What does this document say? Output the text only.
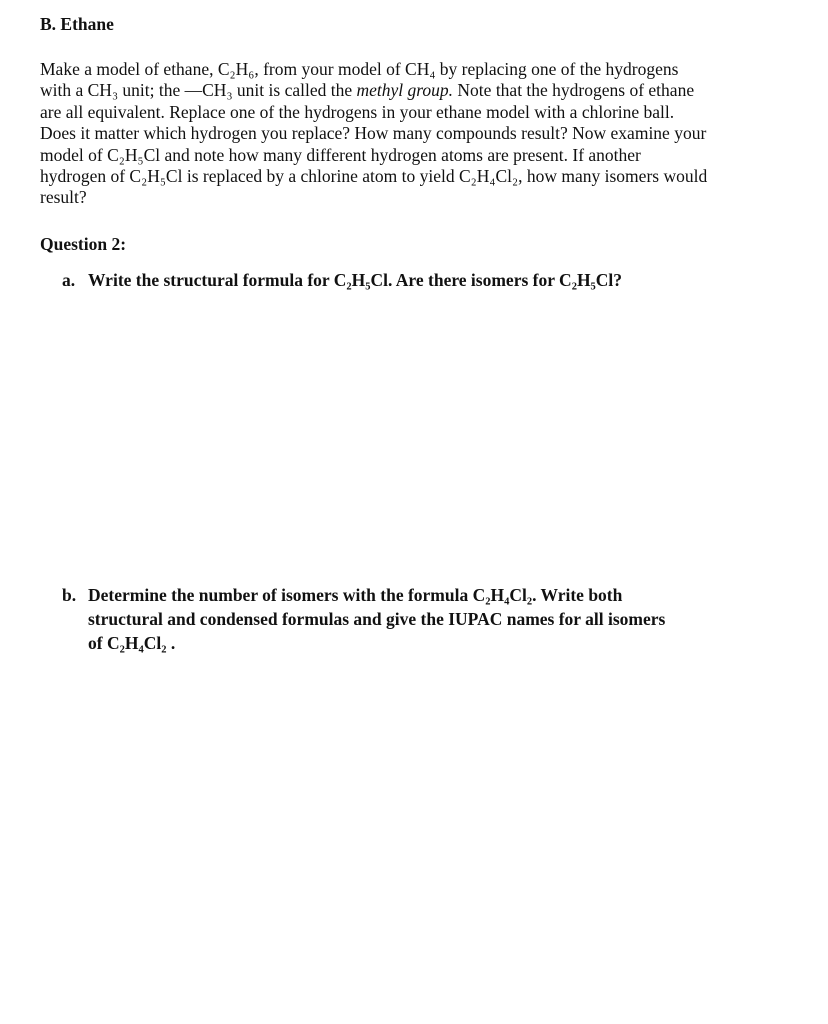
B. Ethane

Make a model of ethane, C₂H₆, from your model of CH₄ by replacing one of the hydrogens
with a CH₃ unit; the —CH₃ unit is called the methyl group. Note that the hydrogens of ethane
are all equivalent. Replace one of the hydrogens in your ethane model with a chlorine ball.
Does it matter which hydrogen you replace? How many compounds result? Now examine your
model of C₂H₅Cl and note how many different hydrogen atoms are present. If another
hydrogen of C₂H₅Cl is replaced by a chlorine atom to yield C₂H₄Cl₂, how many isomers would
result?

Question 2:
a. Write the structural formula for C₂H₅Cl. Are there isomers for C₂H₅Cl?
b. Determine the number of isomers with the formula C₂H₄Cl₂. Write both
structural and condensed formulas and give the IUPAC names for all isomers
of C₂H₄Cl₂ .
